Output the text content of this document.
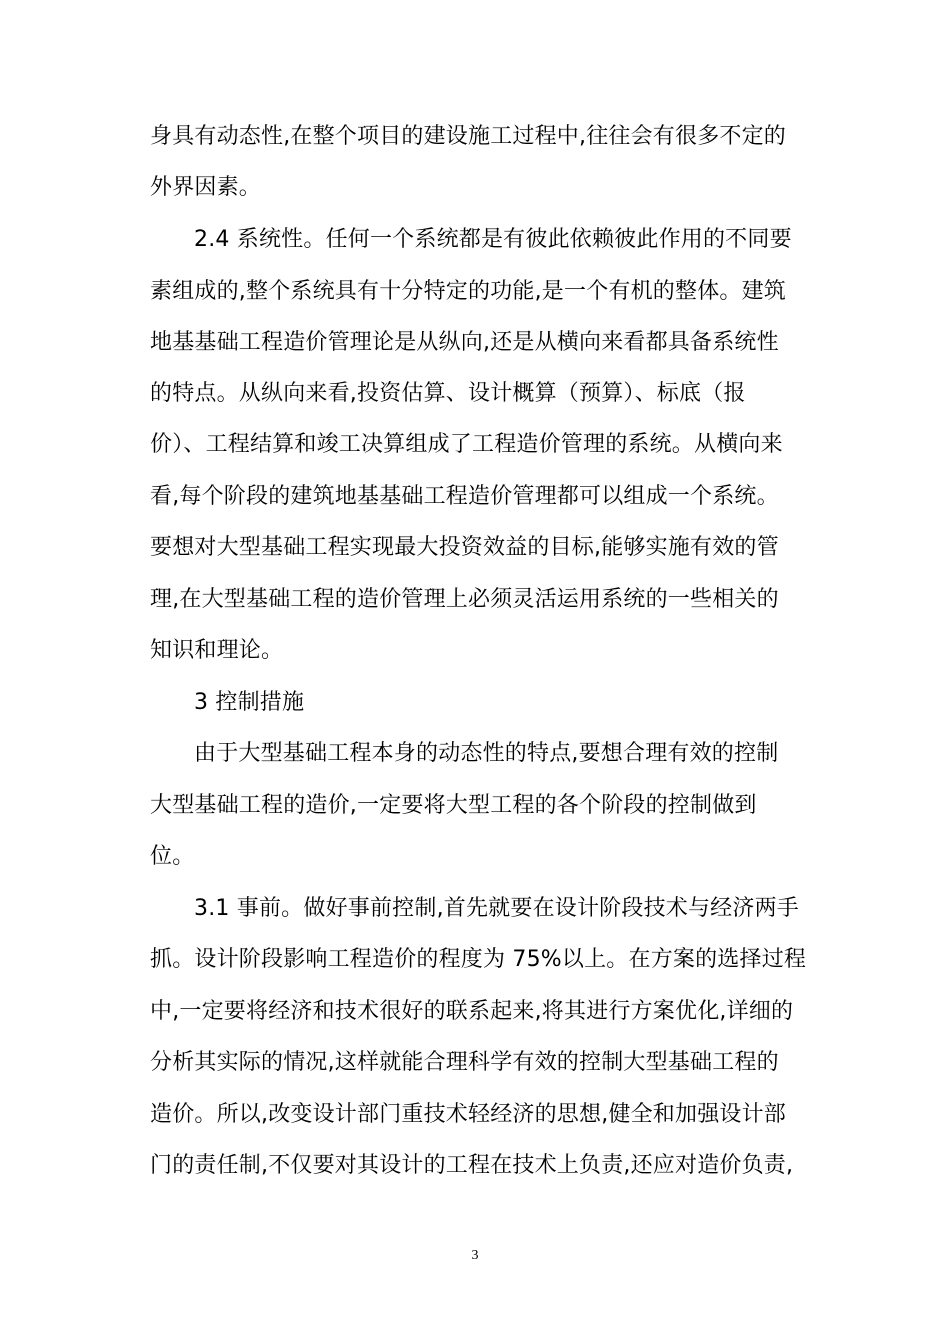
身具有动态性,在整个项目的建设施工过程中,往往会有很多不定的
外界因素。
2.4 系统性。任何一个系统都是有彼此依赖彼此作用的不同要
素组成的,整个系统具有十分特定的功能,是一个有机的整体。建筑
地基基础工程造价管理论是从纵向,还是从横向来看都具备系统性
的特点。从纵向来看,投资估算、设计概算（预算）、标底（报
价）、工程结算和竣工决算组成了工程造价管理的系统。从横向来
看,每个阶段的建筑地基基础工程造价管理都可以组成一个系统。
要想对大型基础工程实现最大投资效益的目标,能够实施有效的管
理,在大型基础工程的造价管理上必须灵活运用系统的一些相关的
知识和理论。
3 控制措施
由于大型基础工程本身的动态性的特点,要想合理有效的控制
大型基础工程的造价,一定要将大型工程的各个阶段的控制做到
位。
3.1 事前。做好事前控制,首先就要在设计阶段技术与经济两手
抓。设计阶段影响工程造价的程度为 75%以上。在方案的选择过程
中,一定要将经济和技术很好的联系起来,将其进行方案优化,详细的
分析其实际的情况,这样就能合理科学有效的控制大型基础工程的
造价。所以,改变设计部门重技术轻经济的思想,健全和加强设计部
门的责任制,不仅要对其设计的工程在技术上负责,还应对造价负责,
3
